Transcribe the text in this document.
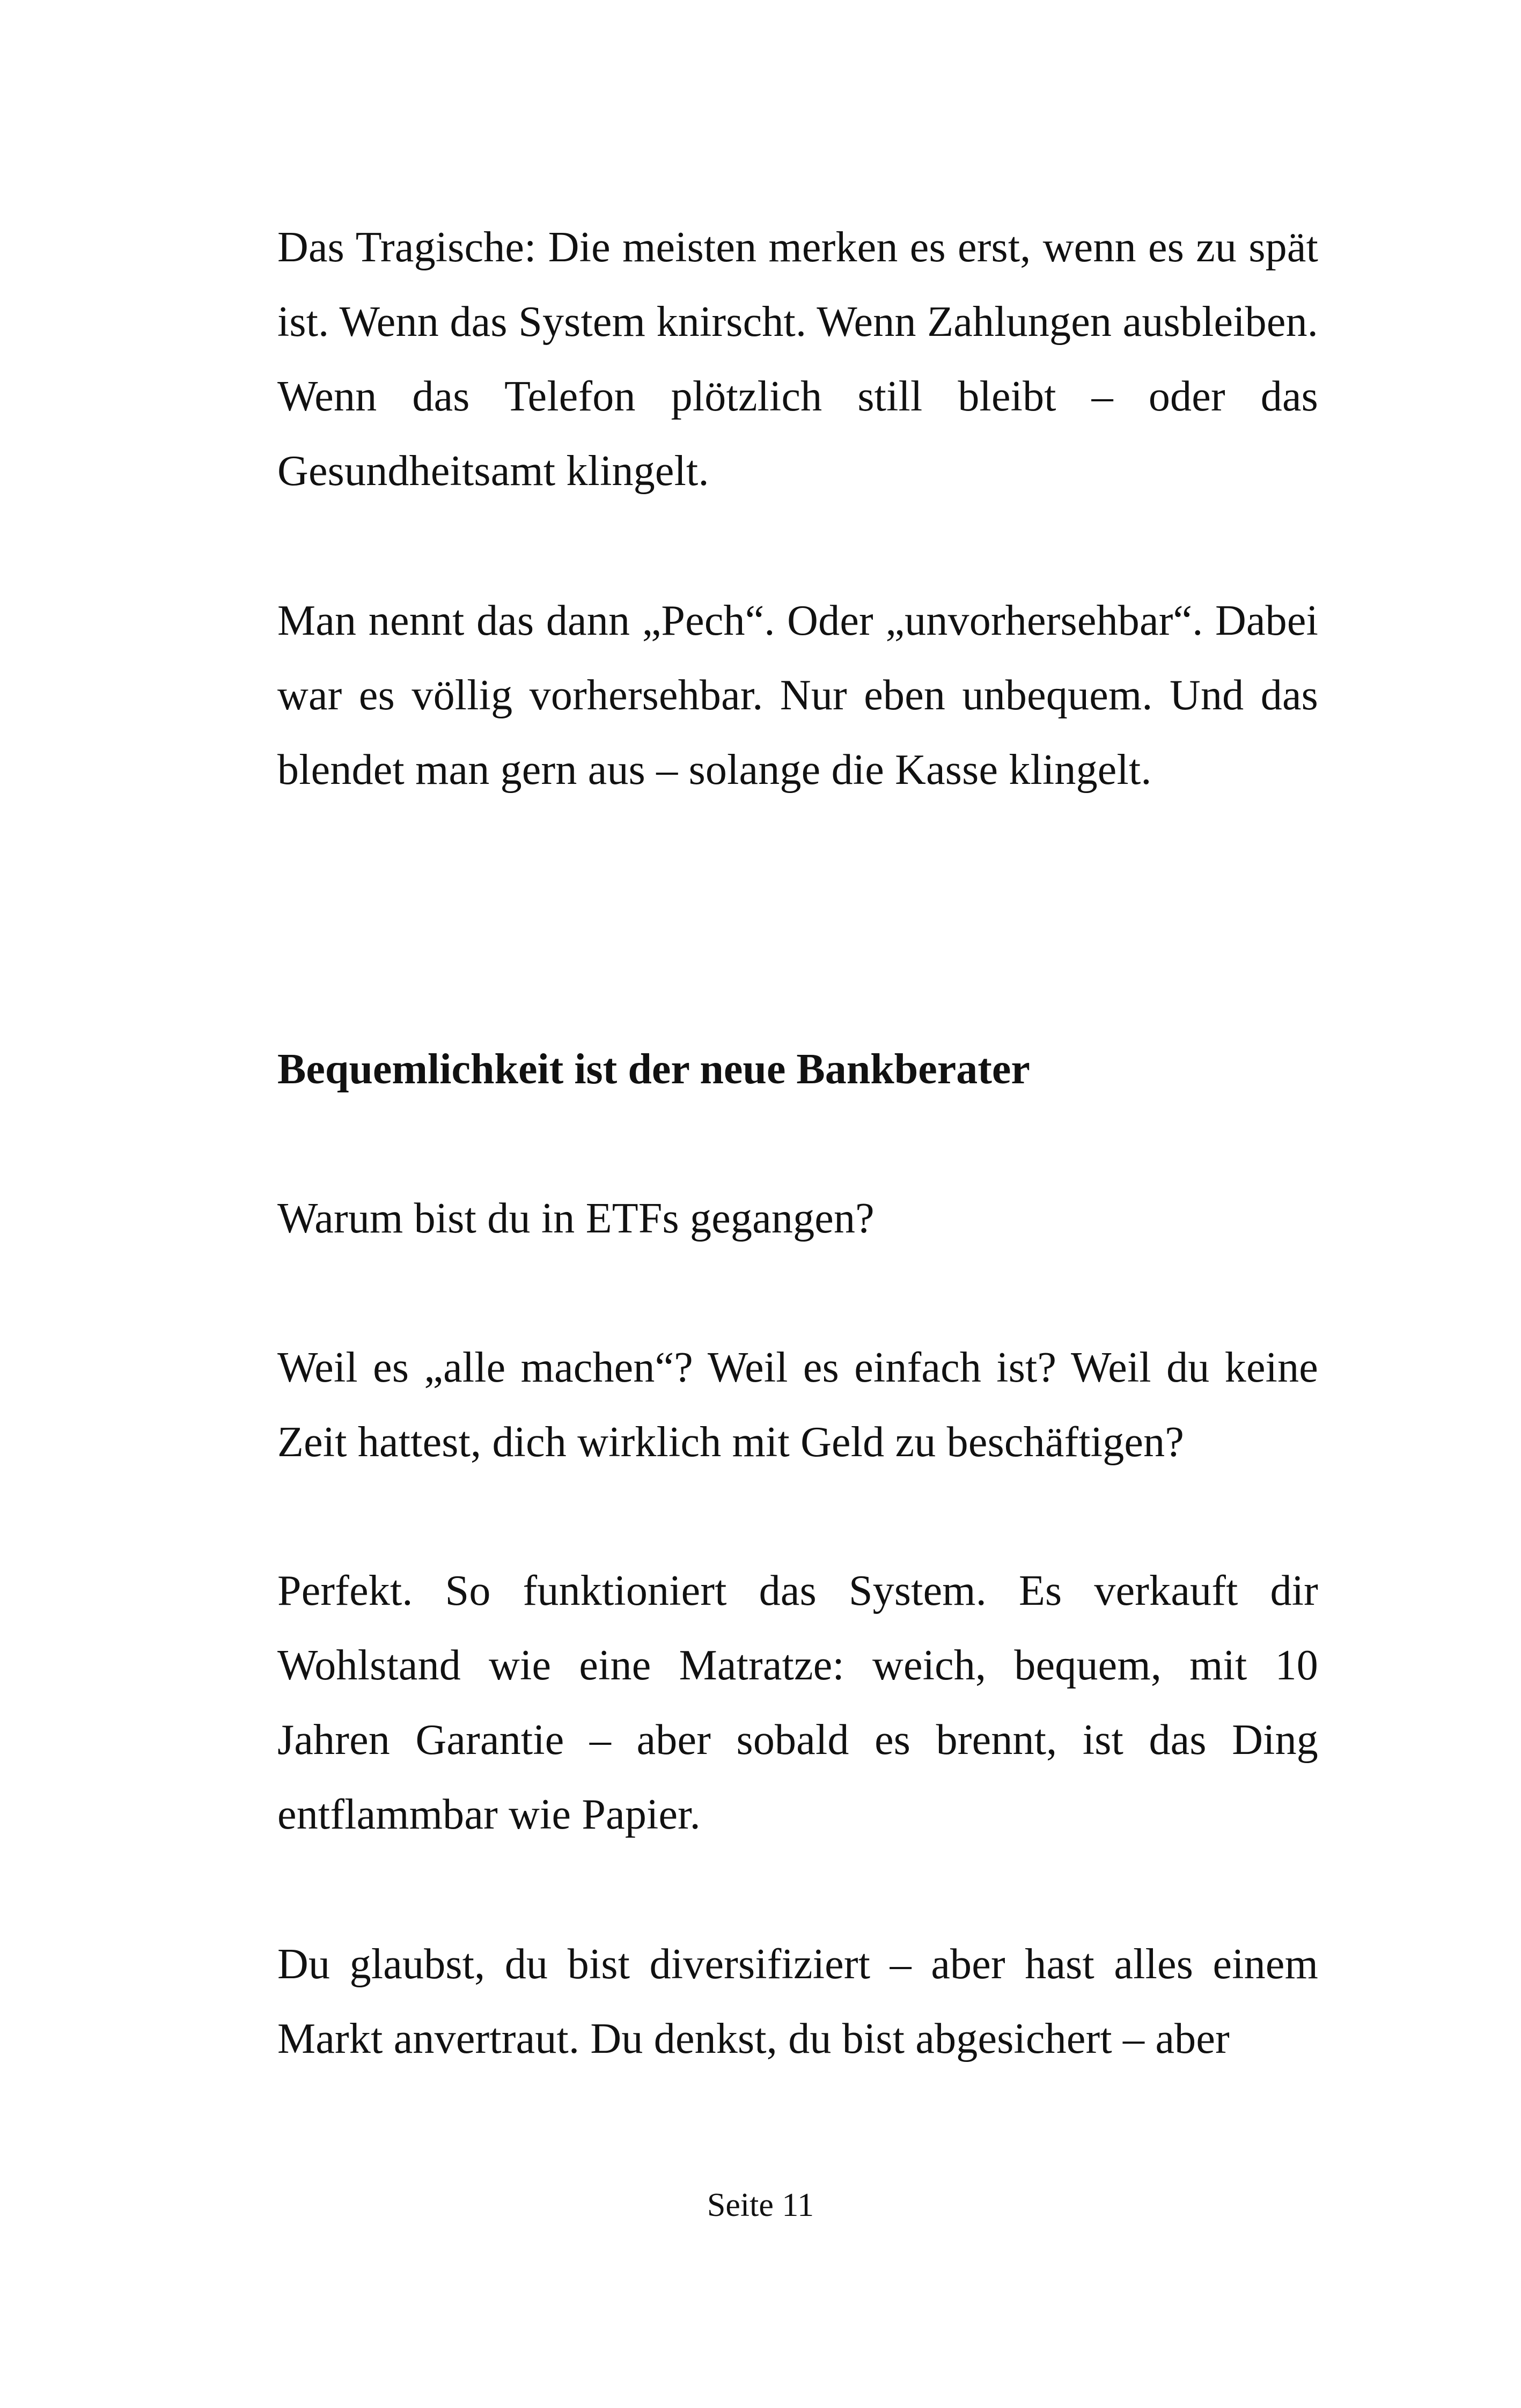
Das Tragische: Die meisten merken es erst, wenn es zu spät ist. Wenn das System knirscht. Wenn Zahlungen ausbleiben. Wenn das Telefon plötzlich still bleibt – oder das Gesundheitsamt klingelt.

Man nennt das dann „Pech“. Oder „unvorhersehbar“. Dabei war es völlig vorhersehbar. Nur eben unbequem. Und das blendet man gern aus – solange die Kasse klingelt.

Bequemlichkeit ist der neue Bankberater

Warum bist du in ETFs gegangen?

Weil es „alle machen“? Weil es einfach ist? Weil du keine Zeit hattest, dich wirklich mit Geld zu beschäftigen?

Perfekt. So funktioniert das System. Es verkauft dir Wohlstand wie eine Matratze: weich, bequem, mit 10 Jahren Garantie – aber sobald es brennt, ist das Ding entflammbar wie Papier.

Du glaubst, du bist diversifiziert – aber hast alles einem Markt anvertraut. Du denkst, du bist abgesichert – aber

Seite 11
